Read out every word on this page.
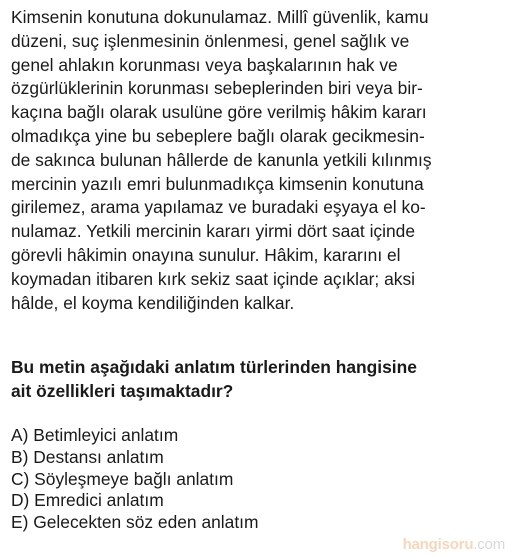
Kimsenin konutuna dokunulamaz. Millî güvenlik, kamu
düzeni, suç işlenmesinin önlenmesi, genel sağlık ve
genel ahlakın korunması veya başkalarının hak ve
özgürlüklerinin korunması sebeplerinden biri veya bir-
kaçına bağlı olarak usulüne göre verilmiş hâkim kararı
olmadıkça yine bu sebeplere bağlı olarak gecikmesin-
de sakınca bulunan hâllerde de kanunla yetkili kılınmış
mercinin yazılı emri bulunmadıkça kimsenin konutuna
girilemez, arama yapılamaz ve buradaki eşyaya el ko-
nulamaz. Yetkili mercinin kararı yirmi dört saat içinde
görevli hâkimin onayına sunulur. Hâkim, kararını el
koymadan itibaren kırk sekiz saat içinde açıklar; aksi
hâlde, el koyma kendiliğinden kalkar.
Bu metin aşağıdaki anlatım türlerinden hangisine
ait özellikleri taşımaktadır?
A) Betimleyici anlatım
B) Destansı anlatım
C) Söyleşmeye bağlı anlatım
D) Emredici anlatım
E) Gelecekten söz eden anlatım
hangisoru.com
